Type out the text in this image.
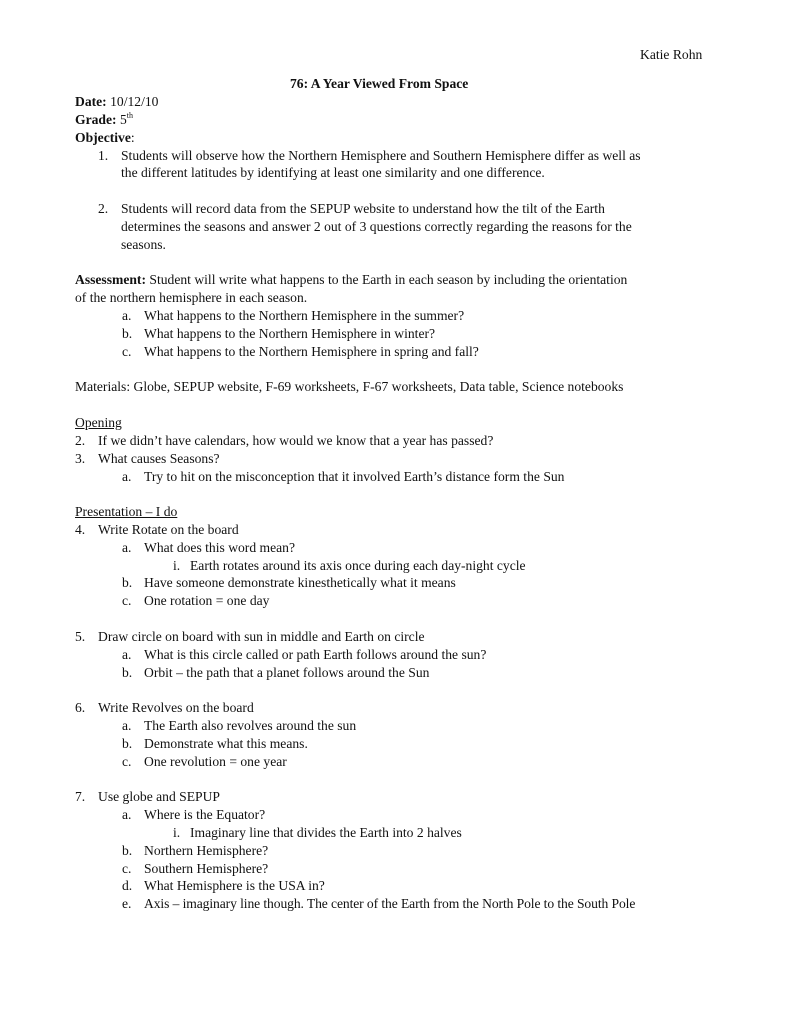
Katie Rohn
76: A Year Viewed From Space
Date: 10/12/10
Grade: 5th
Objective:
1. Students will observe how the Northern Hemisphere and Southern Hemisphere differ as well as
the different latitudes by identifying at least one similarity and one difference.
2. Students will record data from the SEPUP website to understand how the tilt of the Earth
determines the seasons and answer 2 out of 3 questions correctly regarding the reasons for the
seasons.
Assessment: Student will write what happens to the Earth in each season by including the orientation
of the northern hemisphere in each season.
a. What happens to the Northern Hemisphere in the summer?
b. What happens to the Northern Hemisphere in winter?
c. What happens to the Northern Hemisphere in spring and fall?
Materials: Globe, SEPUP website, F-69 worksheets, F-67 worksheets, Data table, Science notebooks
Opening
2. If we didn’t have calendars, how would we know that a year has passed?
3. What causes Seasons?
a. Try to hit on the misconception that it involved Earth’s distance form the Sun
Presentation – I do
4. Write Rotate on the board
a. What does this word mean?
i. Earth rotates around its axis once during each day-night cycle
b. Have someone demonstrate kinesthetically what it means
c. One rotation = one day
5. Draw circle on board with sun in middle and Earth on circle
a. What is this circle called or path Earth follows around the sun?
b. Orbit – the path that a planet follows around the Sun
6. Write Revolves on the board
a. The Earth also revolves around the sun
b. Demonstrate what this means.
c. One revolution = one year
7. Use globe and SEPUP
a. Where is the Equator?
i. Imaginary line that divides the Earth into 2 halves
b. Northern Hemisphere?
c. Southern Hemisphere?
d. What Hemisphere is the USA in?
e. Axis – imaginary line though. The center of the Earth from the North Pole to the South Pole
